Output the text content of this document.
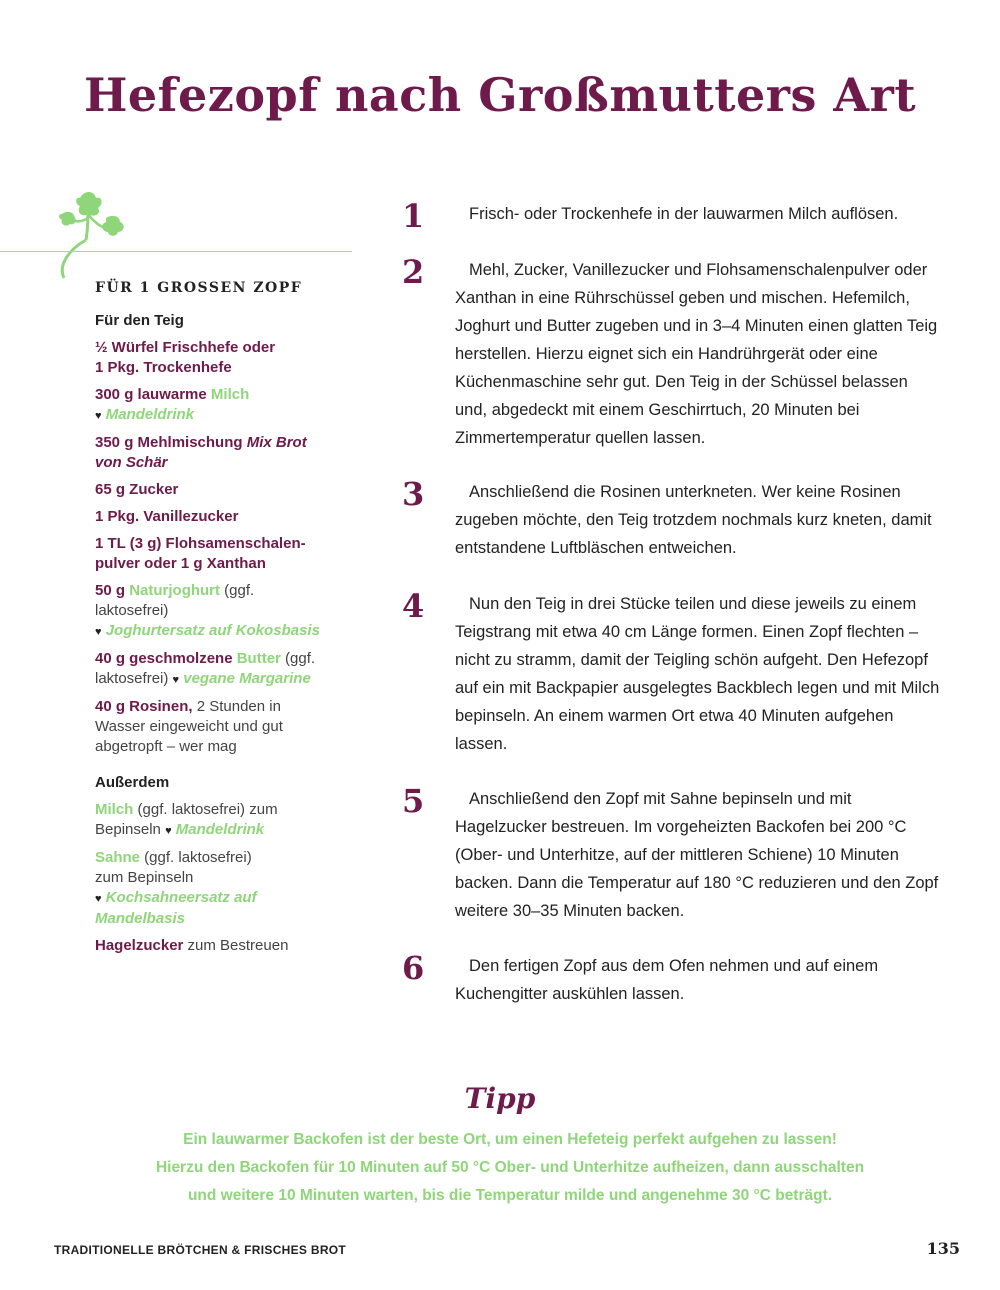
Hefezopf nach Großmutters Art
FÜR 1 GROSSEN ZOPF
Für den Teig

½ Würfel Frischhefe oder
1 Pkg. Trockenhefe

300 g lauwarme Milch
♥ Mandeldrink

350 g Mehlmischung Mix Brot
von Schär

65 g Zucker

1 Pkg. Vanillezucker

1 TL (3 g) Flohsamenschalen-
pulver oder 1 g Xanthan

50 g Naturjoghurt (ggf.
laktosefrei)
♥ Joghurtersatz auf Kokosbasis

40 g geschmolzene Butter (ggf.
laktosefrei) ♥ vegane Margarine

40 g Rosinen, 2 Stunden in
Wasser eingeweicht und gut
abgetropft – wer mag

Außerdem

Milch (ggf. laktosefrei) zum
Bepinseln ♥ Mandeldrink

Sahne (ggf. laktosefrei)
zum Bepinseln
♥ Kochsahneersatz auf
Mandelbasis

Hagelzucker zum Bestreuen

1	Frisch- oder Trockenhefe in der lauwarmen Milch auflösen.
2	Mehl, Zucker, Vanillezucker und Flohsamenschalenpulver oder Xanthan in eine Rührschüssel geben und mischen. Hefemilch, Joghurt und Butter zugeben und in 3–4 Minuten einen glatten Teig herstellen. Hierzu eignet sich ein Handrührgerät oder eine Küchenmaschine sehr gut. Den Teig in der Schüssel belassen und, abgedeckt mit einem Geschirrtuch, 20 Minuten bei Zimmertemperatur quellen lassen.
3	Anschließend die Rosinen unterkneten. Wer keine Rosinen zugeben möchte, den Teig trotzdem nochmals kurz kneten, damit entstandene Luftbläschen entweichen.
4	Nun den Teig in drei Stücke teilen und diese jeweils zu einem Teigstrang mit etwa 40 cm Länge formen. Einen Zopf flechten – nicht zu stramm, damit der Teigling schön aufgeht. Den Hefezopf auf ein mit Backpapier ausgelegtes Backblech legen und mit Milch bepinseln. An einem warmen Ort etwa 40 Minuten aufgehen lassen.
5	Anschließend den Zopf mit Sahne bepinseln und mit Hagelzucker bestreuen. Im vorgeheizten Backofen bei 200 °C (Ober- und Unterhitze, auf der mittleren Schiene) 10 Minuten backen. Dann die Temperatur auf 180 °C reduzieren und den Zopf weitere 30–35 Minuten backen.
6	Den fertigen Zopf aus dem Ofen nehmen und auf einem Kuchengitter auskühlen lassen.
Tipp
Ein lauwarmer Backofen ist der beste Ort, um einen Hefeteig perfekt aufgehen zu lassen!
Hierzu den Backofen für 10 Minuten auf 50 °C Ober- und Unterhitze aufheizen, dann ausschalten
und weitere 10 Minuten warten, bis die Temperatur milde und angenehme 30 °C beträgt.
TRADITIONELLE BRÖTCHEN & FRISCHES BROT	135
